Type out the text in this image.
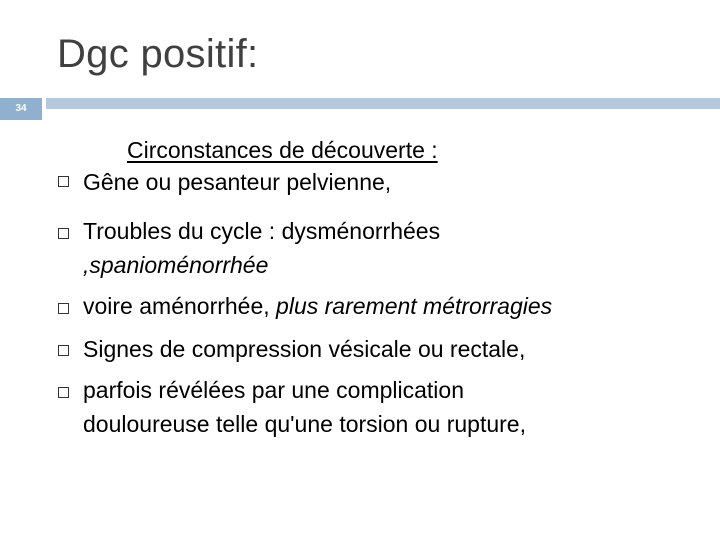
Dgc positif:
34
Circonstances de découverte :
Gêne ou pesanteur pelvienne,
Troubles du cycle : dysménorrhées
,spanioménorrhée
voire aménorrhée, plus rarement métrorragies
Signes de compression vésicale ou rectale,
parfois révélées par une complication
douloureuse telle qu'une torsion ou rupture,
